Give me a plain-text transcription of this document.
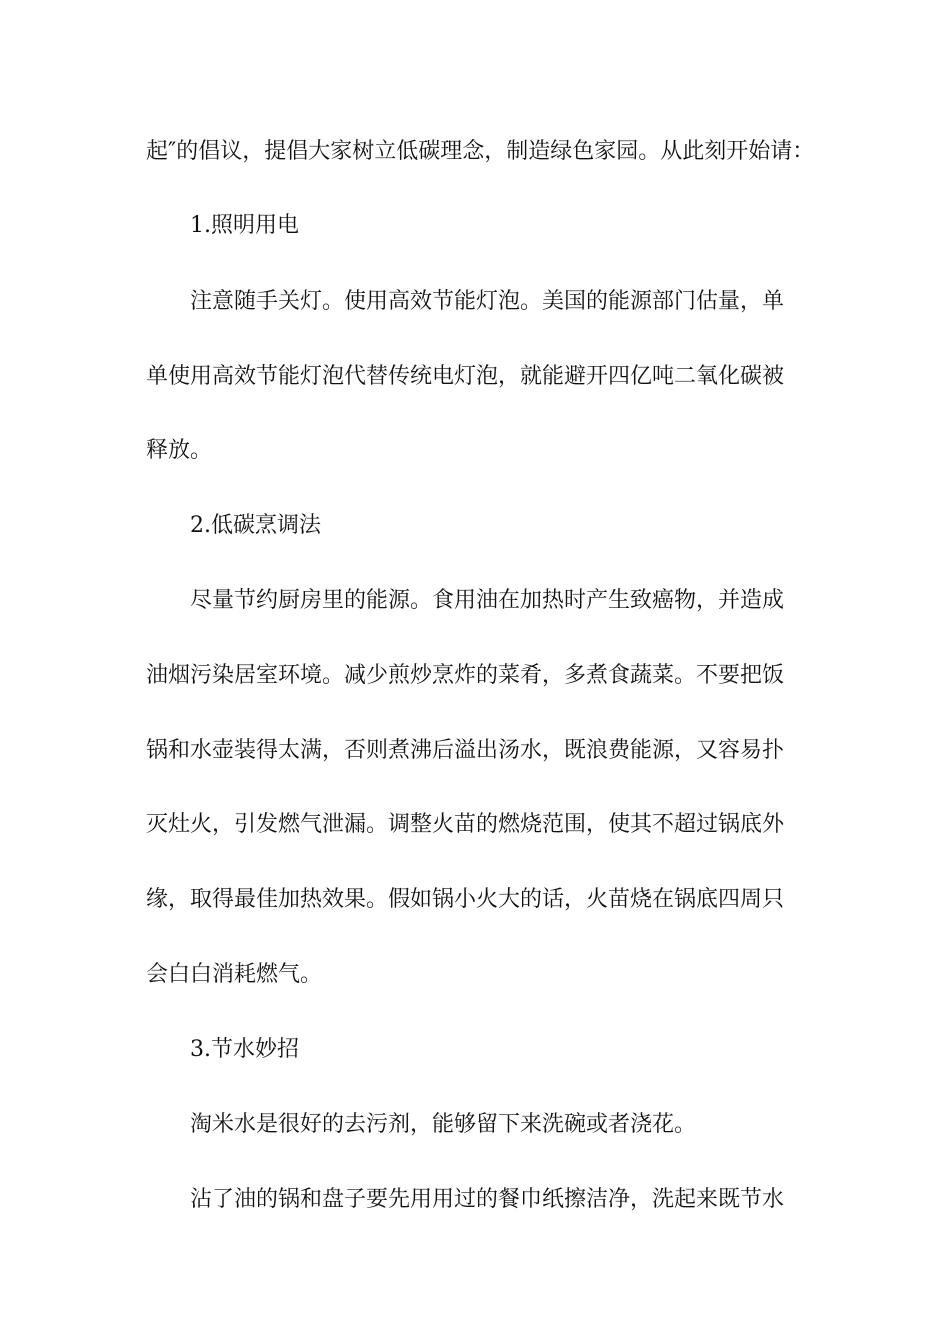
起″的倡议，提倡大家树立低碳理念，制造绿色家园。从此刻开始请：
1.照明用电
注意随手关灯。使用高效节能灯泡。美国的能源部门估量，单
单使用高效节能灯泡代替传统电灯泡，就能避开四亿吨二氧化碳被
释放。
2.低碳烹调法
尽量节约厨房里的能源。食用油在加热时产生致癌物，并造成
油烟污染居室环境。减少煎炒烹炸的菜肴，多煮食蔬菜。不要把饭
锅和水壶装得太满，否则煮沸后溢出汤水，既浪费能源，又容易扑
灭灶火，引发燃气泄漏。调整火苗的燃烧范围，使其不超过锅底外
缘，取得最佳加热效果。假如锅小火大的话，火苗烧在锅底四周只
会白白消耗燃气。
3.节水妙招
淘米水是很好的去污剂，能够留下来洗碗或者浇花。
沾了油的锅和盘子要先用用过的餐巾纸擦洁净，洗起来既节水
